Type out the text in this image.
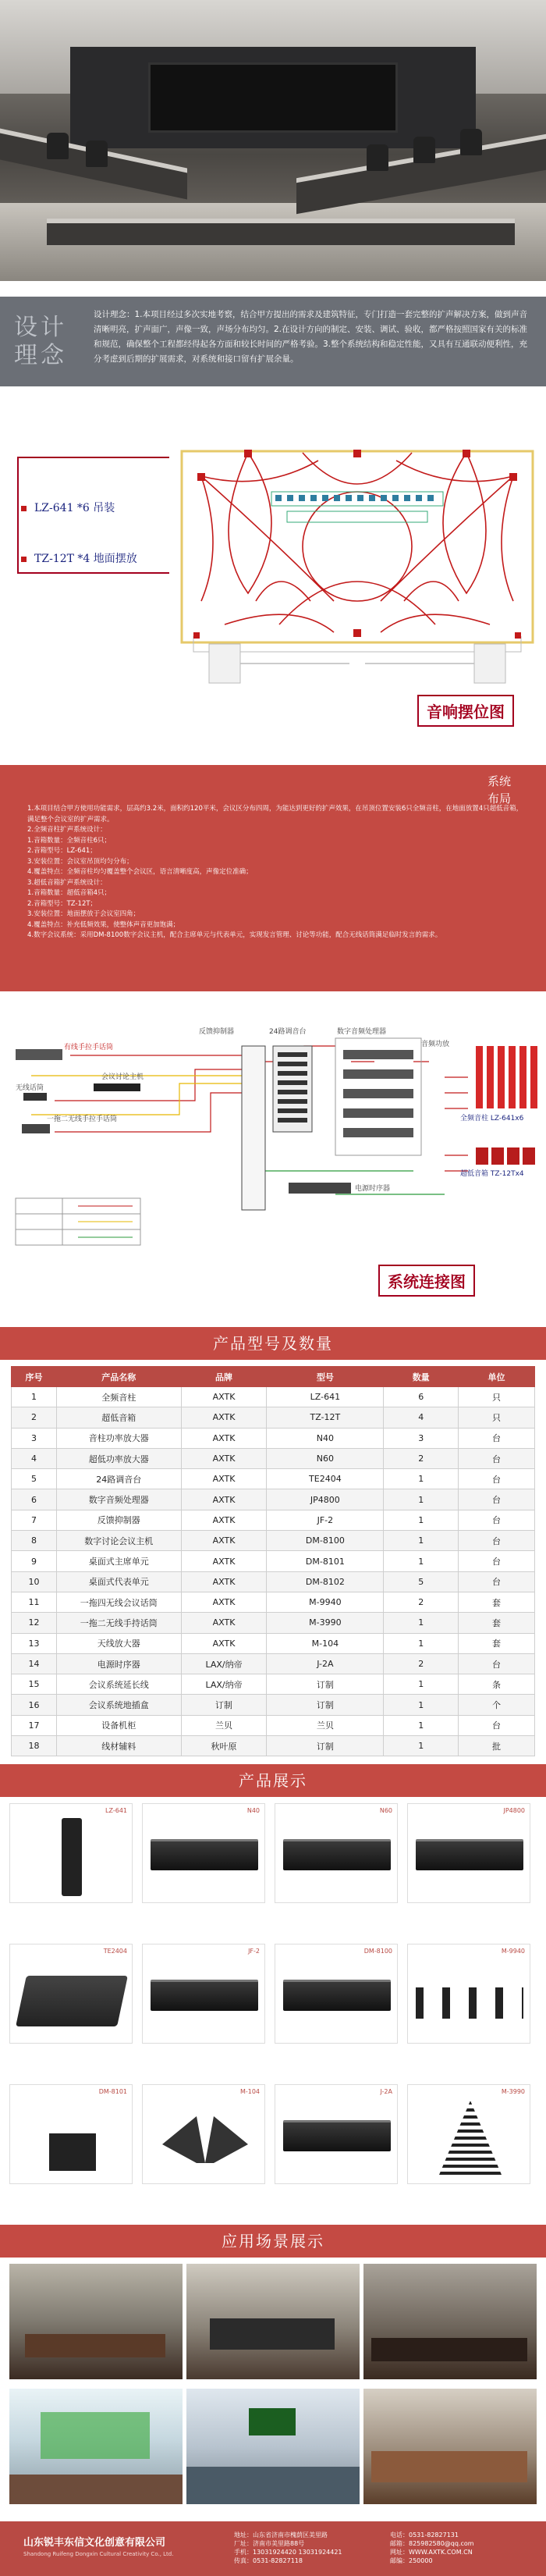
设计
理念
设计理念：1.本项目经过多次实地考察，结合甲方提出的需求及建筑特征，专门打造一套完整的扩声解决方案，做到声音清晰明亮，扩声面广，声像一致，声场分布均匀。2.在设计方向的制定、安装、调试、验收，都严格按照国家有关的标准和规范，确保整个工程都经得起各方面和较长时间的严格考验。3.整个系统结构和稳定性能，又具有互通联动便利性，充分考虑到后期的扩展需求，对系统和接口留有扩展余量。
LZ-641 *6 吊装
TZ-12T *4 地面摆放
音响摆位图
系统
布局
1.本项目结合甲方使用功能需求，层高约3.2米，面积约120平米，会议区分布四周，为能达到更好的扩声效果，在吊顶位置安装6只全频音柱，在地面放置4只超低音箱，满足整个会议室的扩声需求。
2.全频音柱扩声系统设计：
1.音箱数量：全频音柱6只；
2.音箱型号：LZ-641；
3.安装位置：会议室吊顶均匀分布；
4.覆盖特点：全频音柱均匀覆盖整个会议区，语言清晰度高，声像定位准确；
3.超低音箱扩声系统设计：
1.音箱数量：超低音箱4只；
2.音箱型号：TZ-12T；
3.安装位置：地面摆放于会议室四角；
4.覆盖特点：补充低频效果，使整体声音更加饱满；
4.数字会议系统：采用DM-8100数字会议主机，配合主席单元与代表单元，实现发言管理、讨论等功能，配合无线话筒满足临时发言的需求。
有线手拉手话筒
会议讨论主机
无线话筒
一拖二无线手拉手话筒
反馈抑制器	24路调音台	数字音频处理器
电源时序器
音频功放
全频音柱 LZ-641x6
超低音箱 TZ-12Tx4
系统连接图
产品型号及数量
序号	产品名称	品牌	型号	数量	单位
1	全频音柱	AXTK	LZ-641	6	只
2	超低音箱	AXTK	TZ-12T	4	只
3	音柱功率放大器	AXTK	N40	3	台
4	超低功率放大器	AXTK	N60	2	台
5	24路调音台	AXTK	TE2404	1	台
6	数字音频处理器	AXTK	JP4800	1	台
7	反馈抑制器	AXTK	JF-2	1	台
8	数字讨论会议主机	AXTK	DM-8100	1	台
9	桌面式主席单元	AXTK	DM-8101	1	台
10	桌面式代表单元	AXTK	DM-8102	5	台
11	一拖四无线会议话筒	AXTK	M-9940	2	套
12	一拖二无线手持话筒	AXTK	M-3990	1	套
13	天线放大器	AXTK	M-104	1	套
14	电源时序器	LAX/纳帝	J-2A	2	台
15	会议系统延长线	LAX/纳帝	订制	1	条
16	会议系统地插盒	订制	订制	1	个
17	设备机柜	兰贝	兰贝	1	台
18	线材辅料	秋叶原	订制	1	批
产品展示
LZ-641	N40	N60	JP4800
TE2404	JF-2	DM-8100	M-9940
DM-8101	M-104	J-2A	M-3990
应用场景展示
山东锐丰东信文化创意有限公司
Shandong Ruifeng Dongxin Cultural Creativity Co., Ltd.
地址：山东省济南市槐荫区美里路
厂址：济南市美里路88号
手机：13031924420 13031924421
传真：0531-82827118
电话：0531-82827131
邮箱：825982580@qq.com
网址：WWW.AXTK.COM.CN
邮编：250000
